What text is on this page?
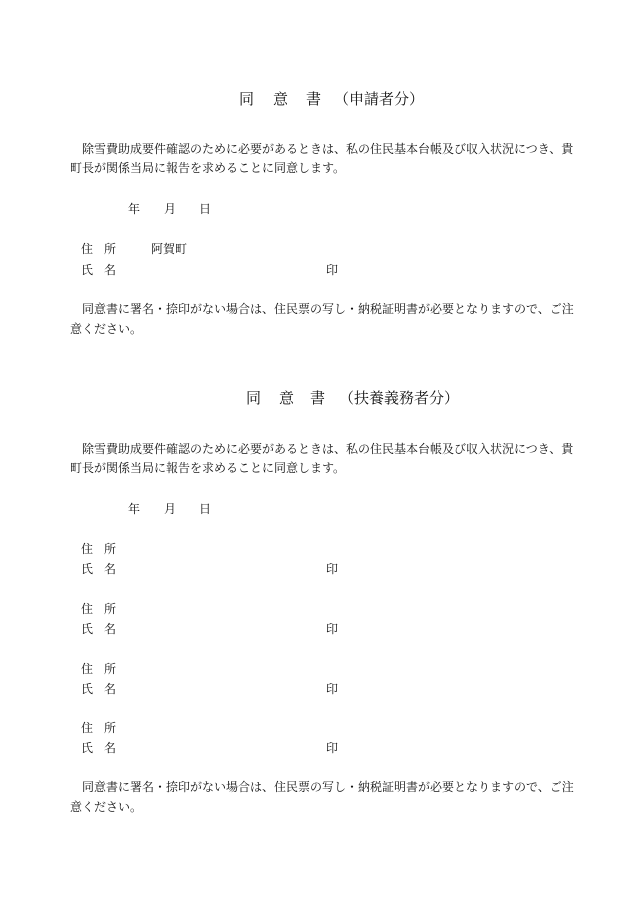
同 意 書 （申請者分）
除雪費助成要件確認のために必要があるときは、私の住民基本台帳及び収入状況につき、貴
町長が関係当局に報告を求めることに同意します。
年 月 日
住 所	阿賀町
氏 名	印
同意書に署名・捺印がない場合は、住民票の写し・納税証明書が必要となりますので、ご注
意ください。
同 意 書 （扶養義務者分）
除雪費助成要件確認のために必要があるときは、私の住民基本台帳及び収入状況につき、貴
町長が関係当局に報告を求めることに同意します。
年 月 日
住 所
氏 名	印
住 所
氏 名	印
住 所
氏 名	印
住 所
氏 名	印
同意書に署名・捺印がない場合は、住民票の写し・納税証明書が必要となりますので、ご注
意ください。
